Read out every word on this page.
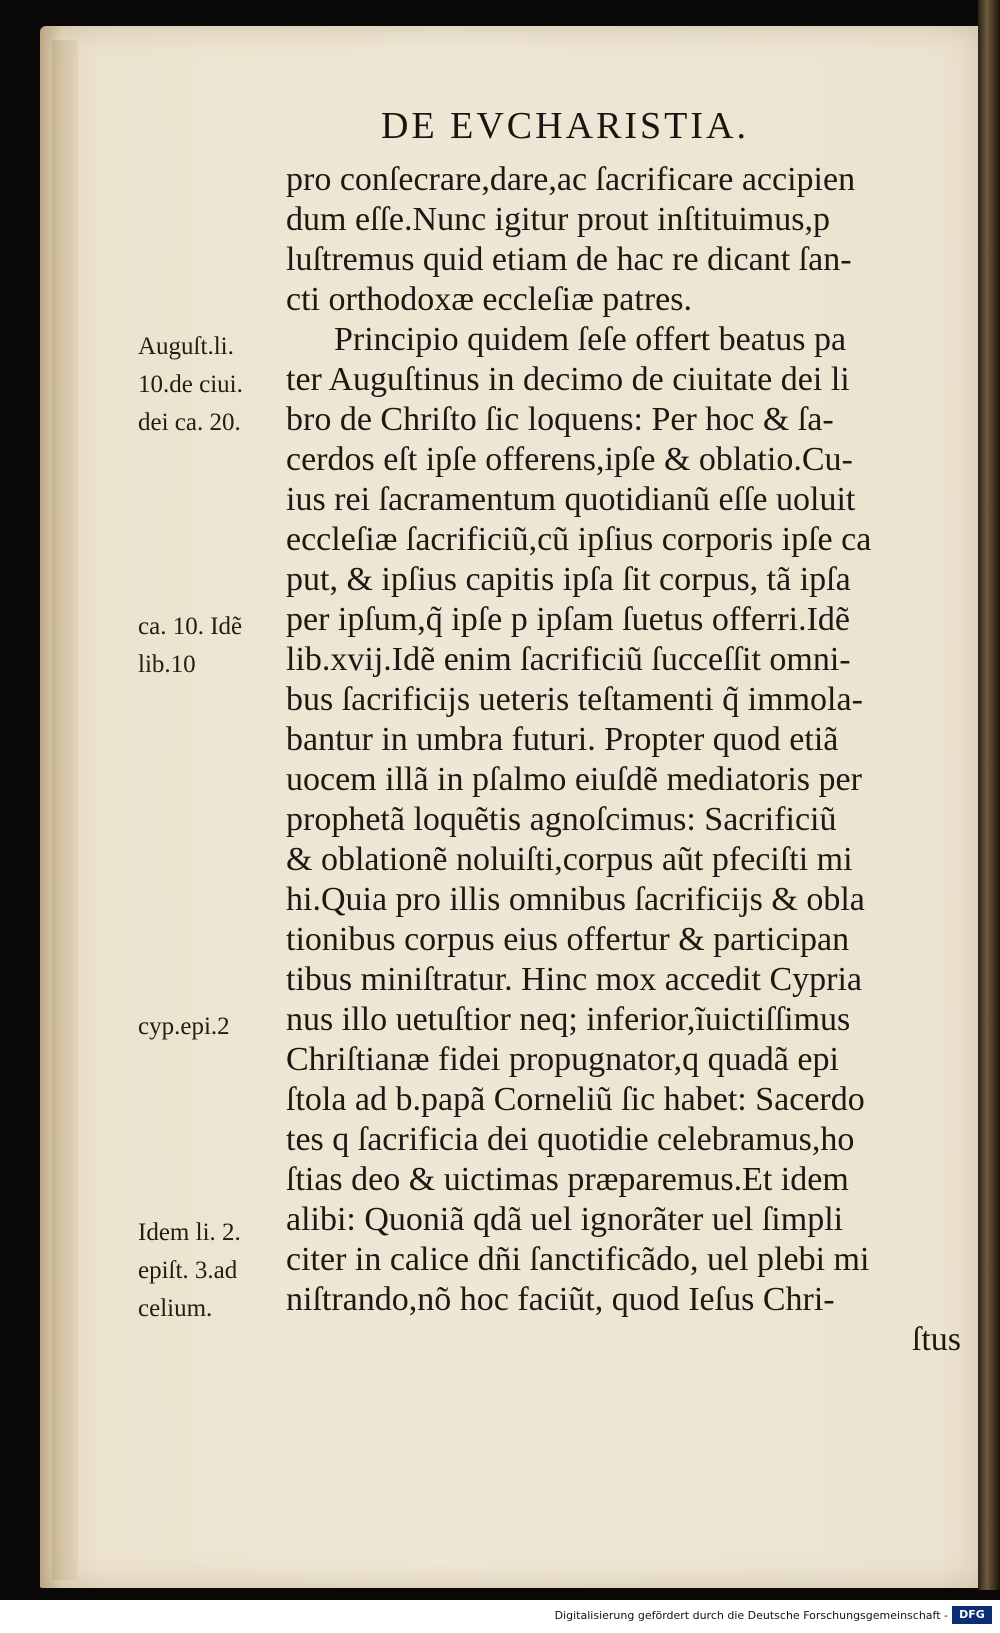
DE EVCHARISTIA.
pro conſecrare,dare,ac ſacrificare accipien
dum eſſe.Nunc igitur prout inſtituimus,p
luſtremus quid etiam de hac re dicant ſan-
cti orthodoxæ eccleſiæ patres.
Principio quidem ſeſe offert beatus pa
ter Auguſtinus in decimo de ciuitate dei li
bro de Chriſto ſic loquens: Per hoc & ſa-
cerdos eſt ipſe offerens,ipſe & oblatio.Cu-
ius rei ſacramentum quotidianũ eſſe uoluit
eccleſiæ ſacrificiũ,cũ ipſius corporis ipſe ca
put, & ipſius capitis ipſa ſit corpus, tã ipſa
per ipſum,q̃ ipſe p ipſam ſuetus offerri.Idẽ
lib.xvij.Idẽ enim ſacrificiũ ſucceſſit omni-
bus ſacrificijs ueteris teſtamenti q̃ immola-
bantur in umbra futuri. Propter quod etiã
uocem illã in pſalmo eiuſdẽ mediatoris per
prophetã loquẽtis agnoſcimus: Sacrificiũ
& oblationẽ noluiſti,corpus aũt pfeciſti mi
hi.Quia pro illis omnibus ſacrificijs & obla
tionibus corpus eius offertur & participan
tibus miniſtratur. Hinc mox accedit Cypria
nus illo uetuſtior neq; inferior,ĩuictiſſimus
Chriſtianæ fidei propugnator,q quadã epi
ſtola ad b.papã Corneliũ ſic habet: Sacerdo
tes q ſacrificia dei quotidie celebramus,ho
ſtias deo & uictimas præparemus.Et idem
alibi: Quoniã qdã uel ignorãter uel ſimpli
citer in calice dñi ſanctificãdo, uel plebi mi
niſtrando,nõ hoc faciũt, quod Ieſus Chri-
ſtus
Auguſt.li.
10.de ciui.
dei ca. 20.
ca. 10. Idẽ
lib.10
cyp.epi.2
Idem li. 2.
epiſt. 3.ad
celium.
Digitalisierung gefördert durch die Deutsche Forschungsgemeinschaft -	DFG
